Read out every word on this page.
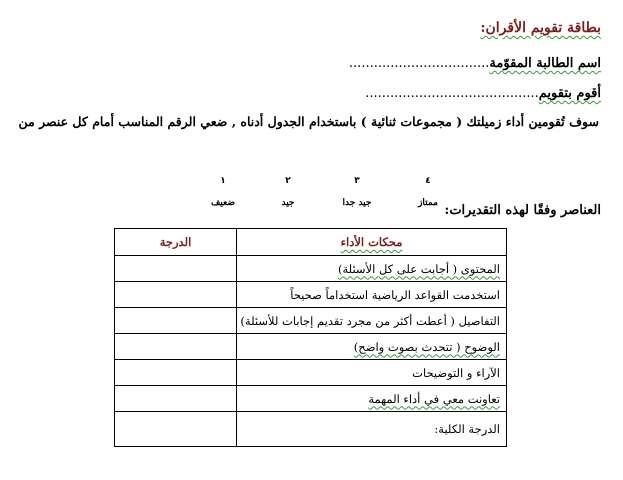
بطاقة تقويم الأقران:
اسم الطالبة المقوّمة..................................
أقوم بتقويم..........................................
سوف تُقومين أداء زميلتك ( مجموعات ثنائية ) باستخدام الجدول أدناه , ضعي الرقم المناسب أمام كل عنصر من
٤
ممتاز
٣
جيد جدا
٢
جيد
١
ضعيف	العناصر وفقًا لهذه التقديرات:
محكات الأداء	الدرجة
المحتوى ( أجابت على كل الأسئلة)	
استخدمت القواعد الرياضية استخداماً صحيحاً	
التفاصيل ( أعطت أكثر من مجرد تقديم إجابات للأسئلة)	
الوضوح ( تتحدث بصوت واضح)	
الآراء و التوضيحات	
تعاونت معي في أداء المهمة	
الدرجة الكلية:	
